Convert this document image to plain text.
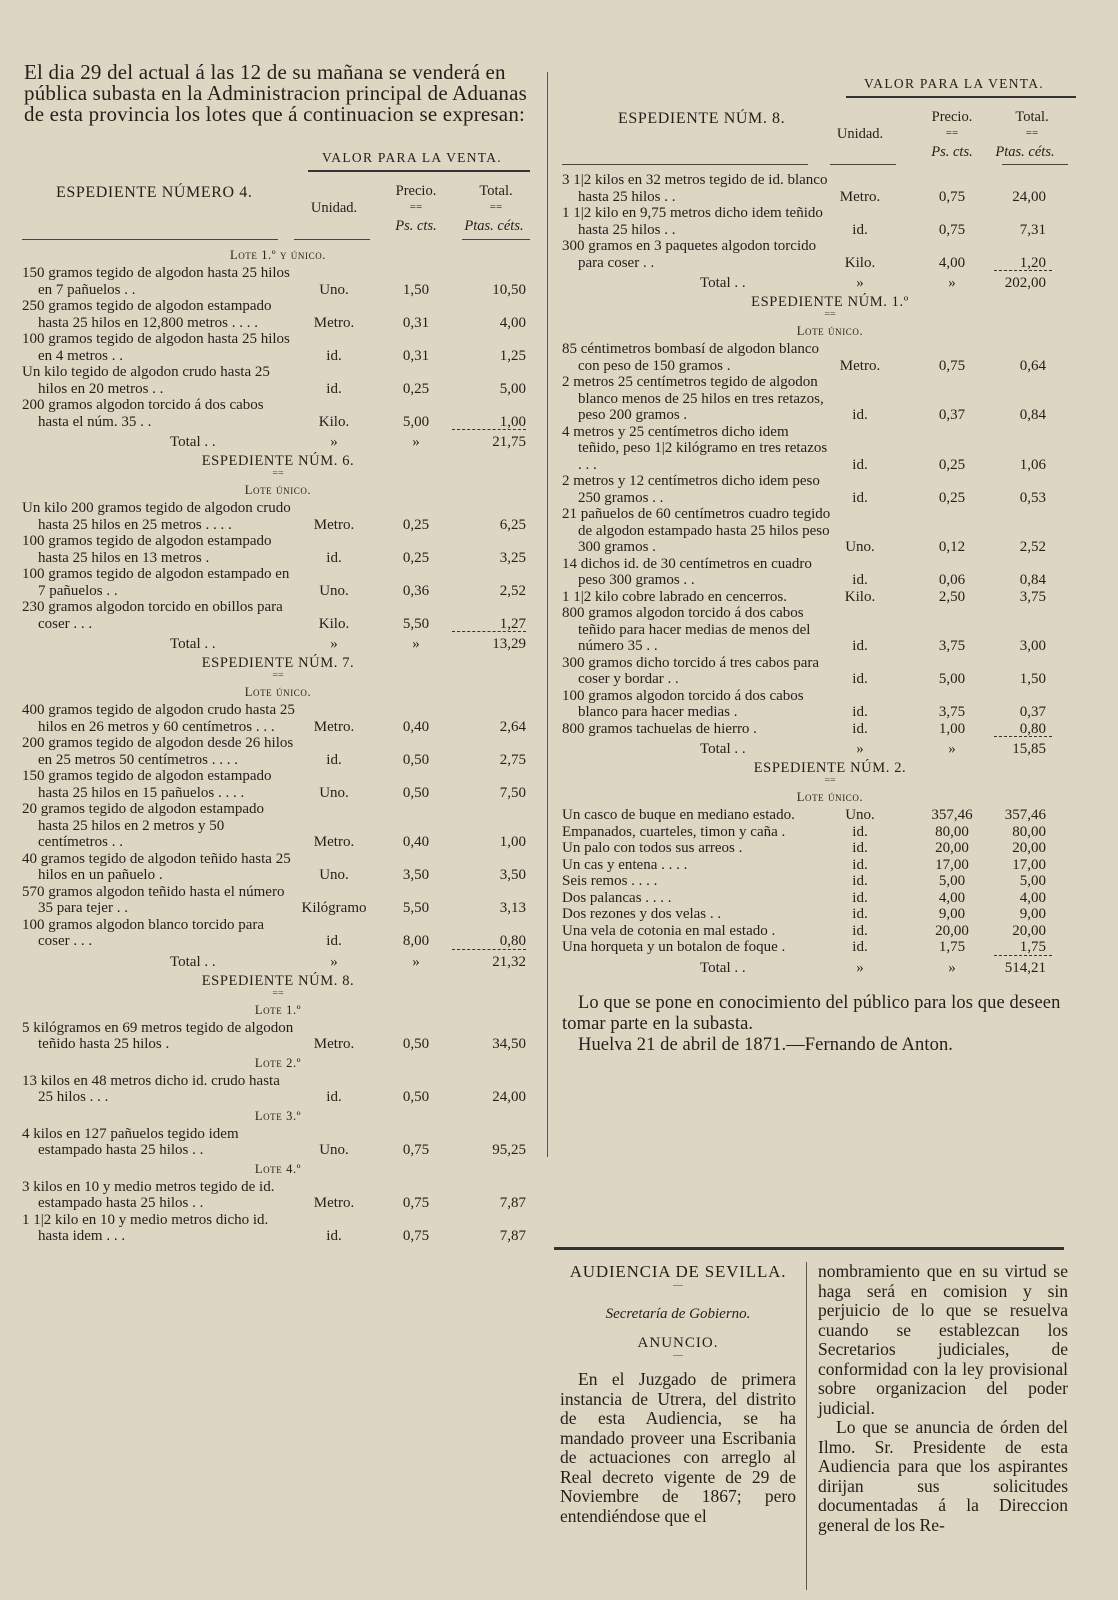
El dia 29 del actual á las 12 de su mañana se venderá en pública subasta en la Administracion principal de Aduanas de esta provincia los lotes que á continuacion se expresan:
VALOR PARA LA VENTA.
ESPEDIENTE NÚMERO 4.
Unidad.
Precio.
==
Ps. cts.
Total.
==
Ptas. céts.
Lote 1.º y único.
150 gramos tegido de algodon hasta 25 hilos en 7 pañuelos . .	Uno.	1,50	10,50
250 gramos tegido de algodon estampado hasta 25 hilos en 12,800 metros . . . .	Metro.	0,31	4,00
100 gramos tegido de algodon hasta 25 hilos en 4 metros . .	id.	0,31	1,25
Un kilo tegido de algodon crudo hasta 25 hilos en 20 metros . .	id.	0,25	5,00
200 gramos algodon torcido á dos cabos hasta el núm. 35 . .	Kilo.	5,00	1,00
Total . .	»	»	21,75
ESPEDIENTE NÚM. 6.
==
Lote único.
Un kilo 200 gramos tegido de algodon crudo hasta 25 hilos en 25 metros . . . .	Metro.	0,25	6,25
100 gramos tegido de algodon estampado hasta 25 hilos en 13 metros .	id.	0,25	3,25
100 gramos tegido de algodon estampado en 7 pañuelos . .	Uno.	0,36	2,52
230 gramos algodon torcido en obillos para coser . . .	Kilo.	5,50	1,27
Total . .	»	»	13,29
ESPEDIENTE NÚM. 7.
==
Lote único.
400 gramos tegido de algodon crudo hasta 25 hilos en 26 metros y 60 centímetros . . .	Metro.	0,40	2,64
200 gramos tegido de algodon desde 26 hilos en 25 metros 50 centímetros . . . .	id.	0,50	2,75
150 gramos tegido de algodon estampado hasta 25 hilos en 15 pañuelos . . . .	Uno.	0,50	7,50
20 gramos tegido de algodon estampado hasta 25 hilos en 2 metros y 50 centímetros . .	Metro.	0,40	1,00
40 gramos tegido de algodon teñido hasta 25 hilos en un pañuelo .	Uno.	3,50	3,50
570 gramos algodon teñido hasta el número 35 para tejer . .	Kilógramo	5,50	3,13
100 gramos algodon blanco torcido para coser . . .	id.	8,00	0,80
Total . .	»	»	21,32
ESPEDIENTE NÚM. 8.
==
Lote 1.º
5 kilógramos en 69 metros tegido de algodon teñido hasta 25 hilos .	Metro.	0,50	34,50
Lote 2.º
13 kilos en 48 metros dicho id. crudo hasta 25 hilos . . .	id.	0,50	24,00
Lote 3.º
4 kilos en 127 pañuelos tegido idem estampado hasta 25 hilos . .	Uno.	0,75	95,25
Lote 4.º
3 kilos en 10 y medio metros tegido de id. estampado hasta 25 hilos . .	Metro.	0,75	7,87
1 1|2 kilo en 10 y medio metros dicho id. hasta idem . . .	id.	0,75	7,87
VALOR PARA LA VENTA.
ESPEDIENTE NÚM. 8.
Unidad.
Precio.
==
Ps. cts.
Total.
==
Ptas. céts.
3 1|2 kilos en 32 metros tegido de id. blanco hasta 25 hilos . .	Metro.	0,75	24,00
1 1|2 kilo en 9,75 metros dicho idem teñido hasta 25 hilos . .	id.	0,75	7,31
300 gramos en 3 paquetes algodon torcido para coser . .	Kilo.	4,00	1,20
Total . .	»	»	202,00
ESPEDIENTE NÚM. 1.º
==
Lote único.
85 céntimetros bombasí de algodon blanco con peso de 150 gramos .	Metro.	0,75	0,64
2 metros 25 centímetros tegido de algodon blanco menos de 25 hilos en tres retazos, peso 200 gramos .	id.	0,37	0,84
4 metros y 25 centímetros dicho idem teñido, peso 1|2 kilógramo en tres retazos . . .	id.	0,25	1,06
2 metros y 12 centímetros dicho idem peso 250 gramos . .	id.	0,25	0,53
21 pañuelos de 60 centímetros cuadro tegido de algodon estampado hasta 25 hilos peso 300 gramos .	Uno.	0,12	2,52
14 dichos id. de 30 centímetros en cuadro peso 300 gramos . .	id.	0,06	0,84
1 1|2 kilo cobre labrado en cencerros.	Kilo.	2,50	3,75
800 gramos algodon torcido á dos cabos teñido para hacer medias de menos del número 35 . .	id.	3,75	3,00
300 gramos dicho torcido á tres cabos para coser y bordar . .	id.	5,00	1,50
100 gramos algodon torcido á dos cabos blanco para hacer medias .	id.	3,75	0,37
800 gramos tachuelas de hierro .	id.	1,00	0,80
Total . .	»	»	15,85
ESPEDIENTE NÚM. 2.
==
Lote único.
Un casco de buque en mediano estado.	Uno.	357,46	357,46
Empanados, cuarteles, timon y caña .	id.	80,00	80,00
Un palo con todos sus arreos .	id.	20,00	20,00
Un cas y entena . . . .	id.	17,00	17,00
Seis remos . . . .	id.	5,00	5,00
Dos palancas . . . .	id.	4,00	4,00
Dos rezones y dos velas . .	id.	9,00	9,00
Una vela de cotonia en mal estado .	id.	20,00	20,00
Una horqueta y un botalon de foque .	id.	1,75	1,75
Total . .	»	»	514,21

Lo que se pone en conocimiento del público para los que deseen tomar parte en la subasta.

Huelva 21 de abril de 1871.—Fernando de Anton.

AUDIENCIA DE SEVILLA.
—
Secretaría de Gobierno.
ANUNCIO.
—

En el Juzgado de primera instancia de Utrera, del distrito de esta Audiencia, se ha mandado proveer una Escribania de actuaciones con arreglo al Real decreto vigente de 29 de Noviembre de 1867; pero entendiéndose que el

nombramiento que en su virtud se haga será en comision y sin perjuicio de lo que se resuelva cuando se establezcan los Secretarios judiciales, de conformidad con la ley provisional sobre organizacion del poder judicial.

Lo que se anuncia de órden del Ilmo. Sr. Presidente de esta Audiencia para que los aspirantes dirijan sus solicitudes documentadas á la Direccion general de los Re-
